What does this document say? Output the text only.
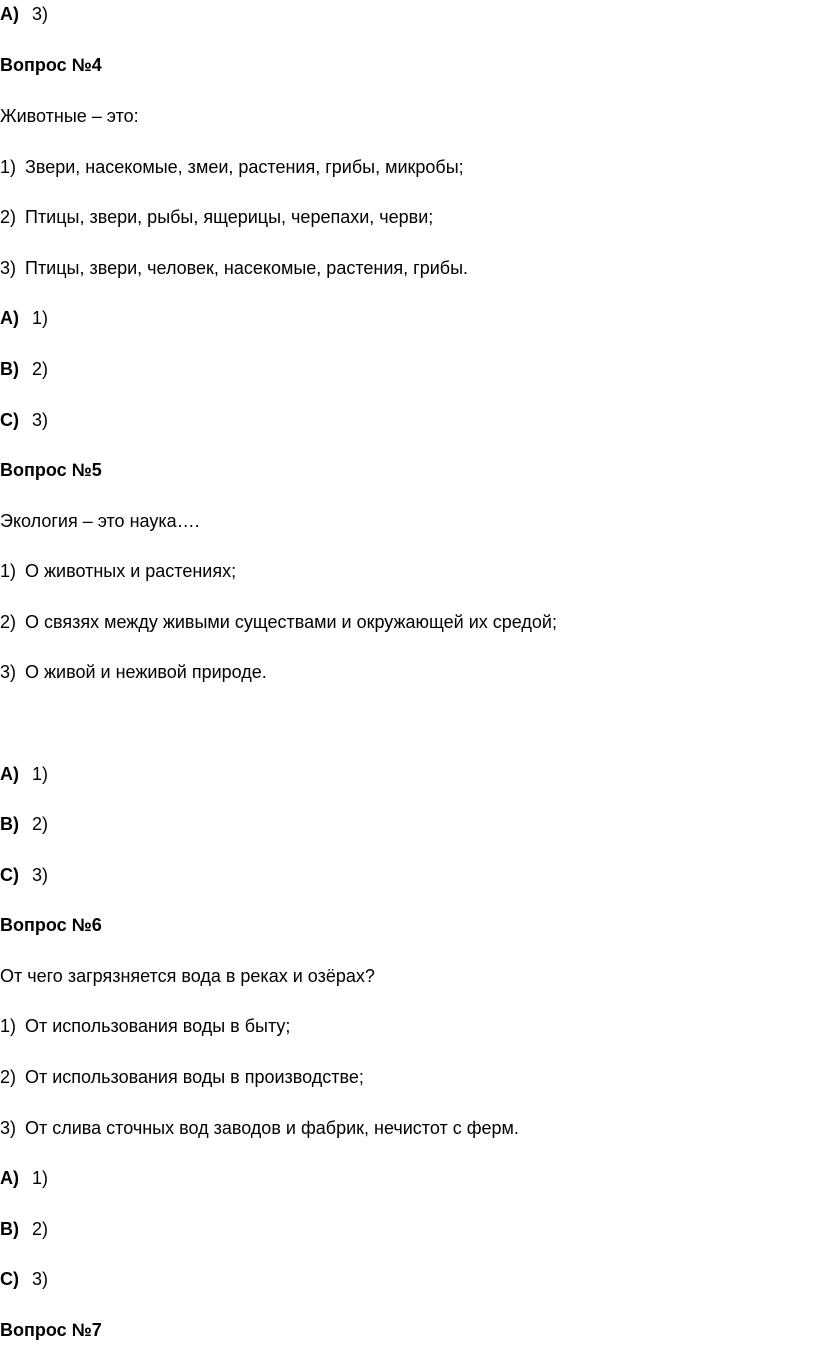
А) 3)
Вопрос №4
Животные – это:
1) Звери, насекомые, змеи, растения, грибы, микробы;
2) Птицы, звери, рыбы, ящерицы, черепахи, черви;
3) Птицы, звери, человек, насекомые, растения, грибы.
А) 1)
B) 2)
C) 3)
Вопрос №5
Экология – это наука….
1) О животных и растениях;
2) О связях между живыми существами и окружающей их средой;
3) О живой и неживой природе.
А) 1)
B) 2)
C) 3)
Вопрос №6
От чего загрязняется вода в реках и озёрах?
1) От использования воды в быту;
2) От использования воды в производстве;
3) От слива сточных вод заводов и фабрик, нечистот с ферм.
А) 1)
B) 2)
C) 3)
Вопрос №7
